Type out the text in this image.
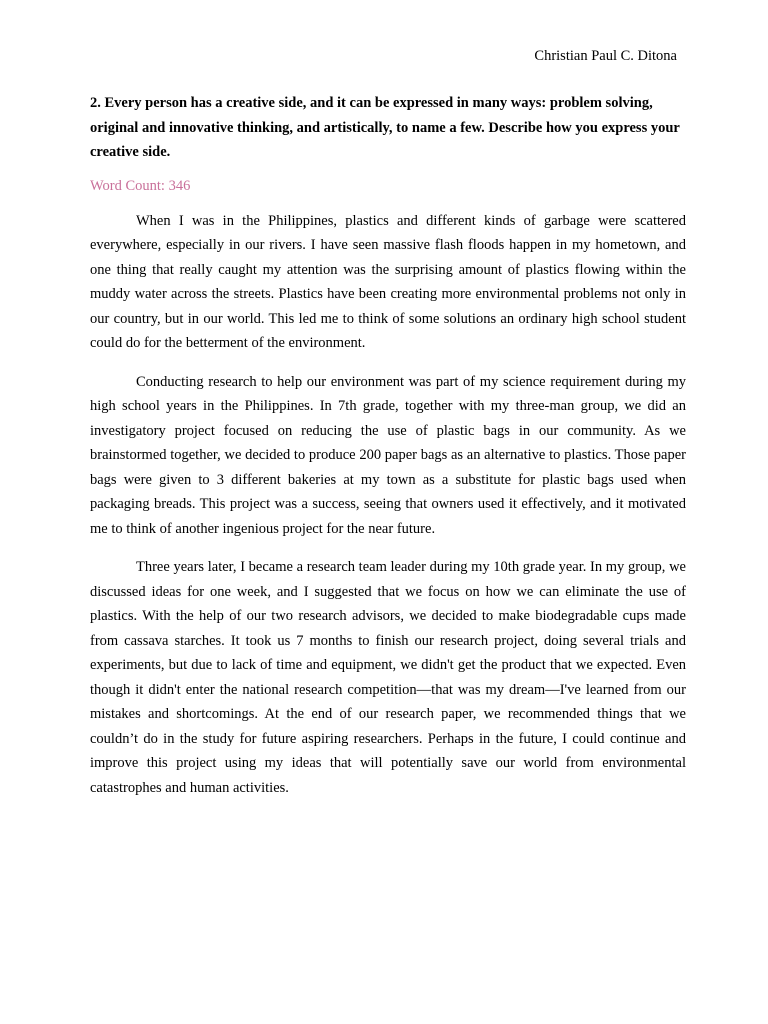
Christian Paul C. Ditona

2. Every person has a creative side, and it can be expressed in many ways: problem solving, original and innovative thinking, and artistically, to name a few. Describe how you express your creative side.

Word Count: 346

When I was in the Philippines, plastics and different kinds of garbage were scattered everywhere, especially in our rivers. I have seen massive flash floods happen in my hometown, and one thing that really caught my attention was the surprising amount of plastics flowing within the muddy water across the streets. Plastics have been creating more environmental problems not only in our country, but in our world. This led me to think of some solutions an ordinary high school student could do for the betterment of the environment.

Conducting research to help our environment was part of my science requirement during my high school years in the Philippines. In 7th grade, together with my three-man group, we did an investigatory project focused on reducing the use of plastic bags in our community. As we brainstormed together, we decided to produce 200 paper bags as an alternative to plastics. Those paper bags were given to 3 different bakeries at my town as a substitute for plastic bags used when packaging breads. This project was a success, seeing that owners used it effectively, and it motivated me to think of another ingenious project for the near future.

Three years later, I became a research team leader during my 10th grade year. In my group, we discussed ideas for one week, and I suggested that we focus on how we can eliminate the use of plastics. With the help of our two research advisors, we decided to make biodegradable cups made from cassava starches. It took us 7 months to finish our research project, doing several trials and experiments, but due to lack of time and equipment, we didn't get the product that we expected. Even though it didn't enter the national research competition—that was my dream—I've learned from our mistakes and shortcomings. At the end of our research paper, we recommended things that we couldn’t do in the study for future aspiring researchers. Perhaps in the future, I could continue and improve this project using my ideas that will potentially save our world from environmental catastrophes and human activities.
